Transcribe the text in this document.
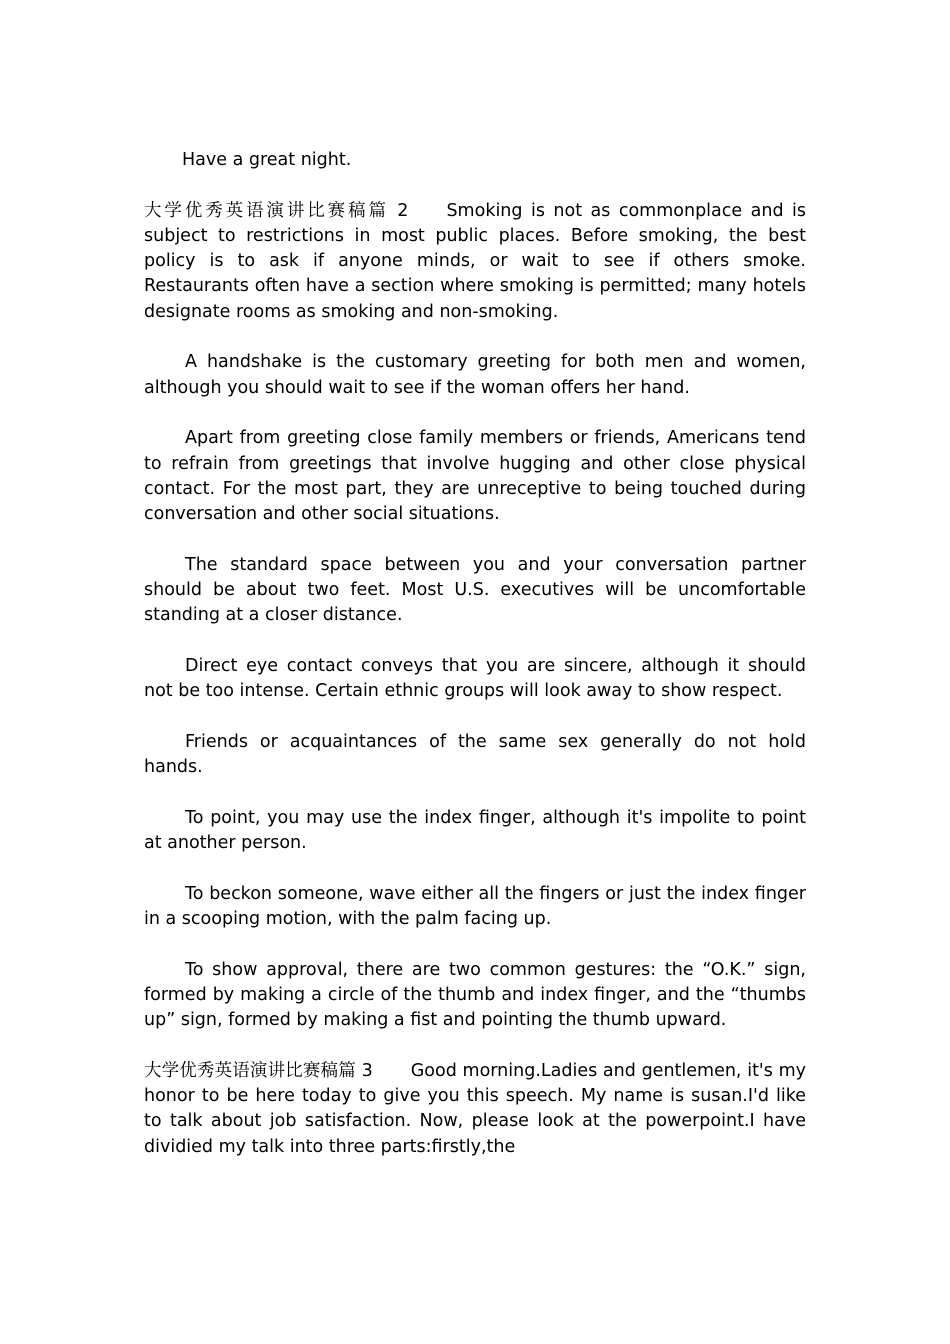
Have a great night.

大学优秀英语演讲比赛稿篇 2 Smoking is not as commonplace and is subject to restrictions in most public places. Before smoking, the best policy is to ask if anyone minds, or wait to see if others smoke. Restaurants often have a section where smoking is permitted; many hotels designate rooms as smoking and non-smoking.

A handshake is the customary greeting for both men and women, although you should wait to see if the woman offers her hand.

Apart from greeting close family members or friends, Americans tend to refrain from greetings that involve hugging and other close physical contact. For the most part, they are unreceptive to being touched during conversation and other social situations.

The standard space between you and your conversation partner should be about two feet. Most U.S. executives will be uncomfortable standing at a closer distance.

Direct eye contact conveys that you are sincere, although it should not be too intense. Certain ethnic groups will look away to show respect.

Friends or acquaintances of the same sex generally do not hold hands.

To point, you may use the index finger, although it's impolite to point at another person.

To beckon someone, wave either all the fingers or just the index finger in a scooping motion, with the palm facing up.

To show approval, there are two common gestures: the “O.K.” sign, formed by making a circle of the thumb and index finger, and the “thumbs up” sign, formed by making a fist and pointing the thumb upward.

大学优秀英语演讲比赛稿篇 3 Good morning.Ladies and gentlemen, it's my honor to be here today to give you this speech. My name is susan.I'd like to talk about job satisfaction. Now, please look at the powerpoint.I have dividied my talk into three parts:firstly,the
